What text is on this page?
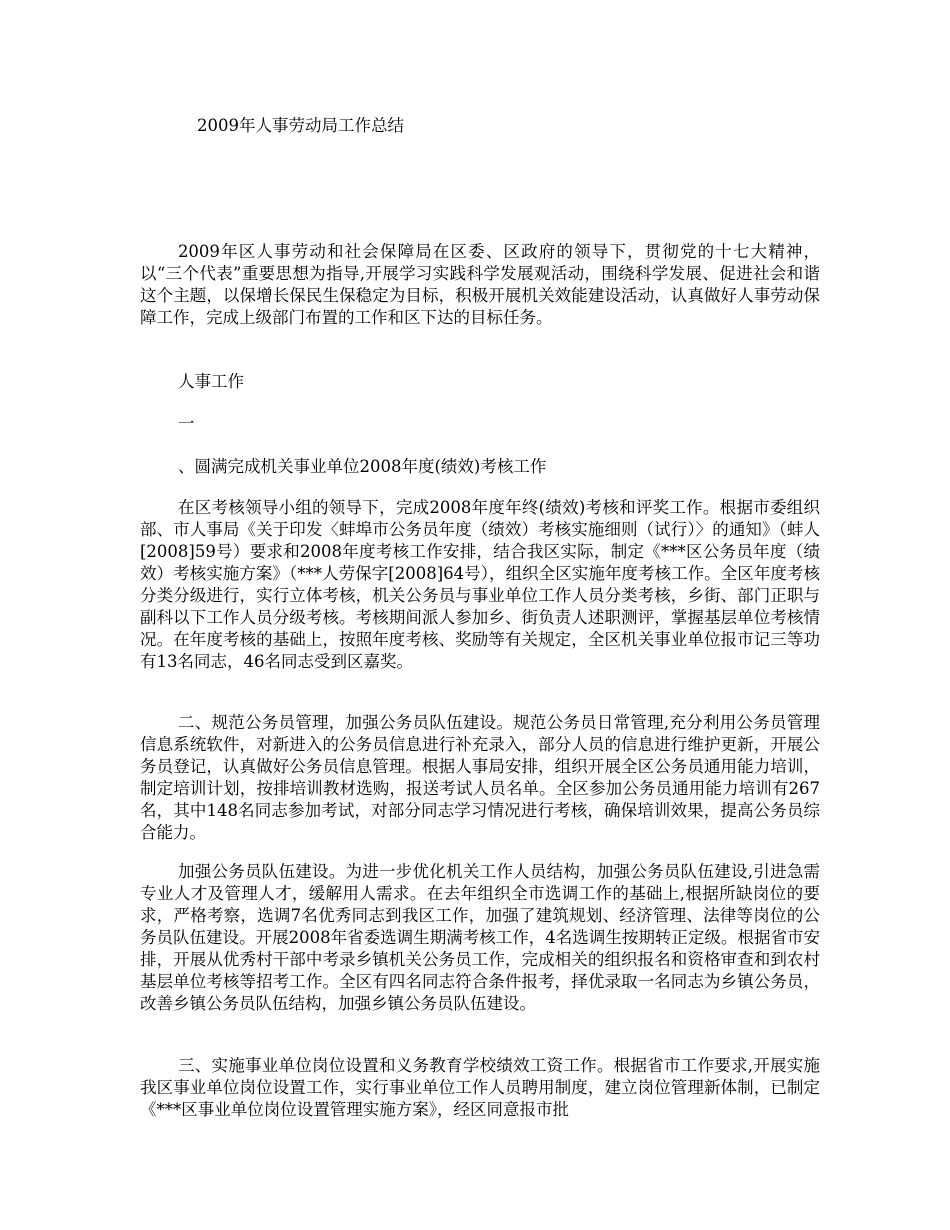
2009年人事劳动局工作总结

2009年区人事劳动和社会保障局在区委、区政府的领导下，贯彻党的十七大精神，以“三个代表”重要思想为指导,开展学习实践科学发展观活动，围绕科学发展、促进社会和谐这个主题，以保增长保民生保稳定为目标，积极开展机关效能建设活动，认真做好人事劳动保障工作，完成上级部门布置的工作和区下达的目标任务。

人事工作
一
、圆满完成机关事业单位2008年度(绩效)考核工作

在区考核领导小组的领导下，完成2008年度年终(绩效)考核和评奖工作。根据市委组织部、市人事局《关于印发〈蚌埠市公务员年度（绩效）考核实施细则（试行）〉的通知》（蚌人[2008]59号）要求和2008年度考核工作安排，结合我区实际，制定《***区公务员年度（绩效）考核实施方案》（***人劳保字[2008]64号），组织全区实施年度考核工作。全区年度考核分类分级进行，实行立体考核，机关公务员与事业单位工作人员分类考核，乡街、部门正职与副科以下工作人员分级考核。考核期间派人参加乡、街负责人述职测评，掌握基层单位考核情况。在年度考核的基础上，按照年度考核、奖励等有关规定，全区机关事业单位报市记三等功有13名同志，46名同志受到区嘉奖。

二、规范公务员管理，加强公务员队伍建设。规范公务员日常管理,充分利用公务员管理信息系统软件，对新进入的公务员信息进行补充录入，部分人员的信息进行维护更新，开展公务员登记，认真做好公务员信息管理。根据人事局安排，组织开展全区公务员通用能力培训，制定培训计划，按排培训教材选购，报送考试人员名单。全区参加公务员通用能力培训有267名，其中148名同志参加考试，对部分同志学习情况进行考核，确保培训效果，提高公务员综合能力。

加强公务员队伍建设。为进一步优化机关工作人员结构，加强公务员队伍建设,引进急需专业人才及管理人才，缓解用人需求。在去年组织全市选调工作的基础上,根据所缺岗位的要求，严格考察，选调7名优秀同志到我区工作，加强了建筑规划、经济管理、法律等岗位的公务员队伍建设。开展2008年省委选调生期满考核工作，4名选调生按期转正定级。根据省市安排，开展从优秀村干部中考录乡镇机关公务员工作，完成相关的组织报名和资格审查和到农村基层单位考核等招考工作。全区有四名同志符合条件报考，择优录取一名同志为乡镇公务员，改善乡镇公务员队伍结构，加强乡镇公务员队伍建设。

三、实施事业单位岗位设置和义务教育学校绩效工资工作。根据省市工作要求,开展实施我区事业单位岗位设置工作，实行事业单位工作人员聘用制度，建立岗位管理新体制，已制定《***区事业单位岗位设置管理实施方案》，经区同意报市批
